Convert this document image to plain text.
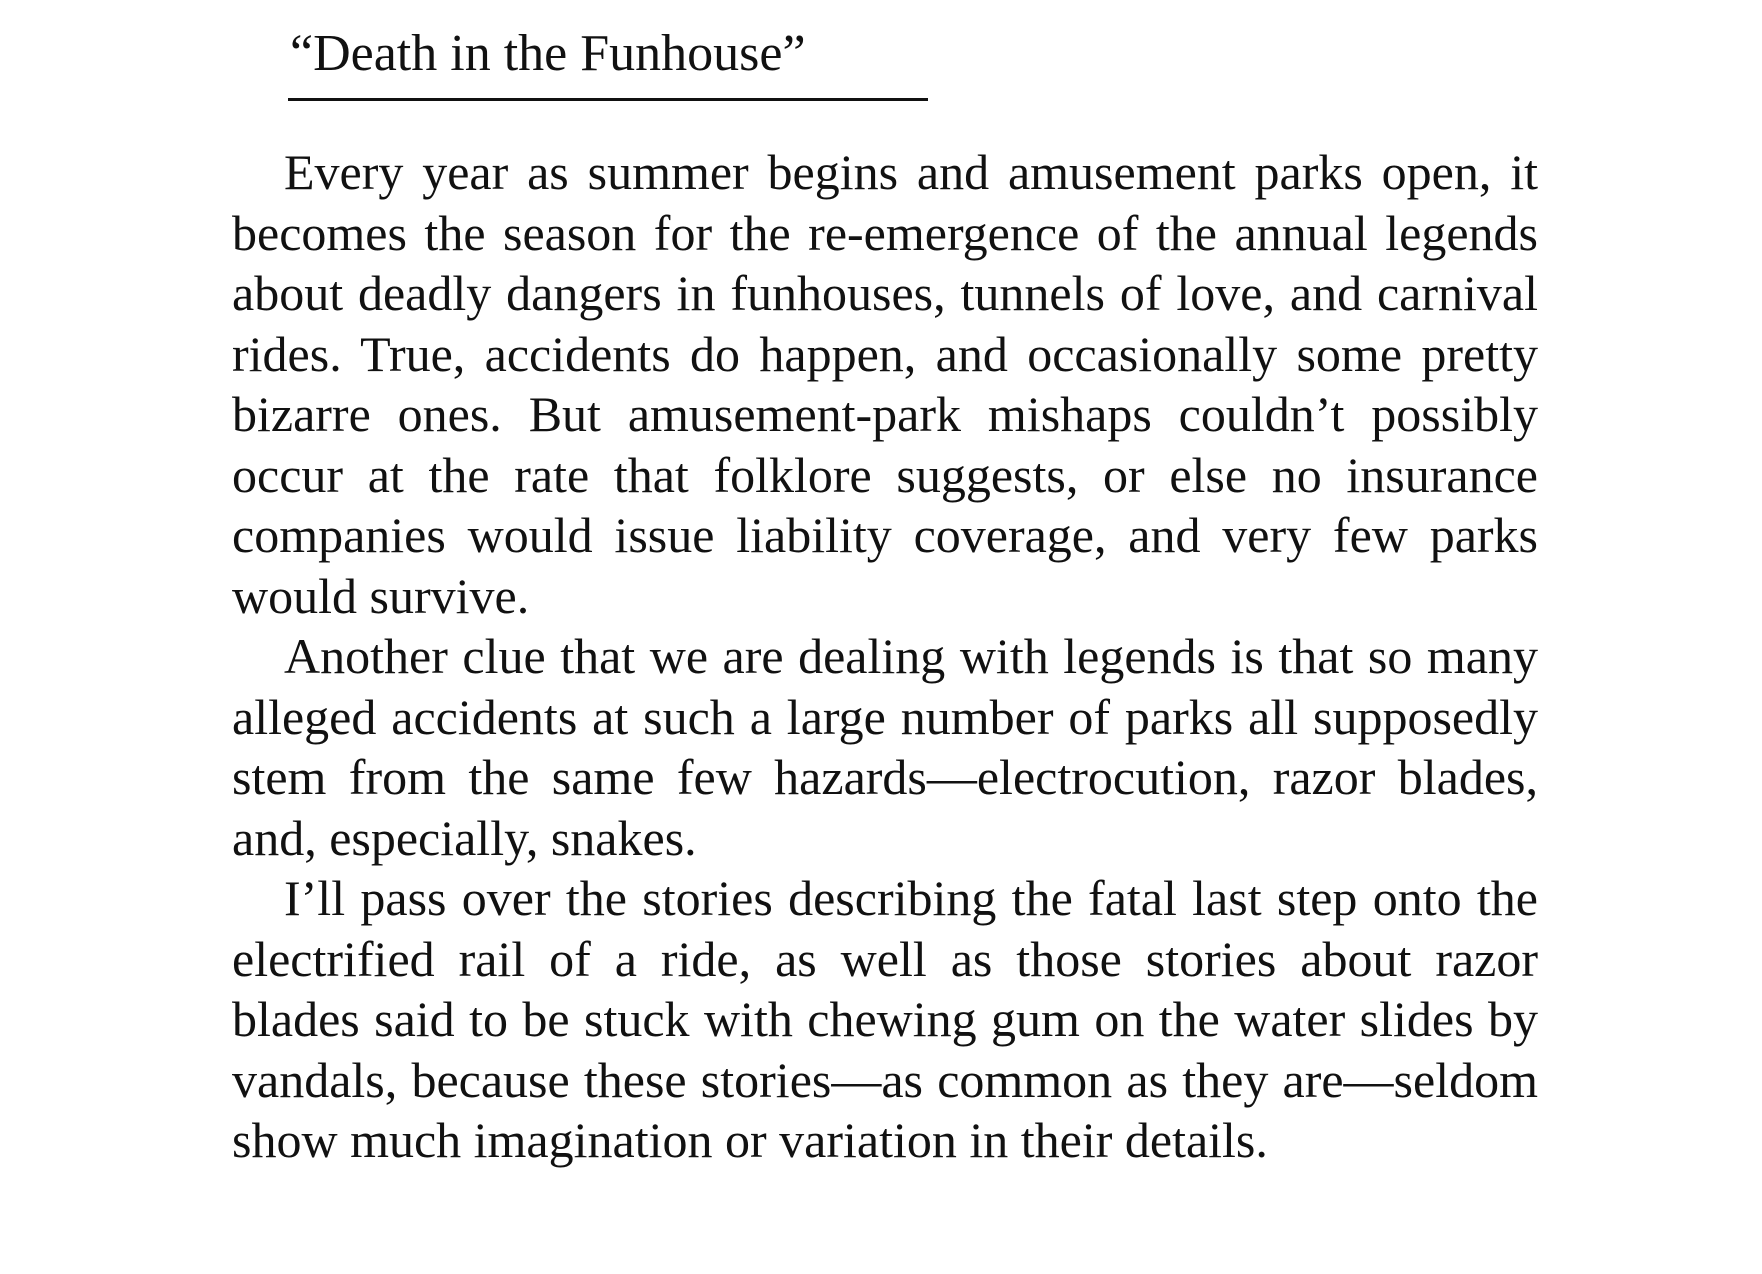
“Death in the Funhouse”

Every year as summer begins and amusement parks open, it becomes the season for the re-emergence of the annual legends about deadly dangers in funhouses, tunnels of love, and carnival rides. True, accidents do happen, and occasionally some pretty bizarre ones. But amusement-park mishaps couldn’t possibly occur at the rate that folklore suggests, or else no insurance companies would issue liability coverage, and very few parks would survive.

Another clue that we are dealing with legends is that so many alleged accidents at such a large number of parks all supposedly stem from the same few hazards—electrocution, razor blades, and, especially, snakes.

I’ll pass over the stories describing the fatal last step onto the electrified rail of a ride, as well as those stories about razor blades said to be stuck with chewing gum on the water slides by vandals, because these stories—as common as they are—seldom show much imagination or variation in their details.
